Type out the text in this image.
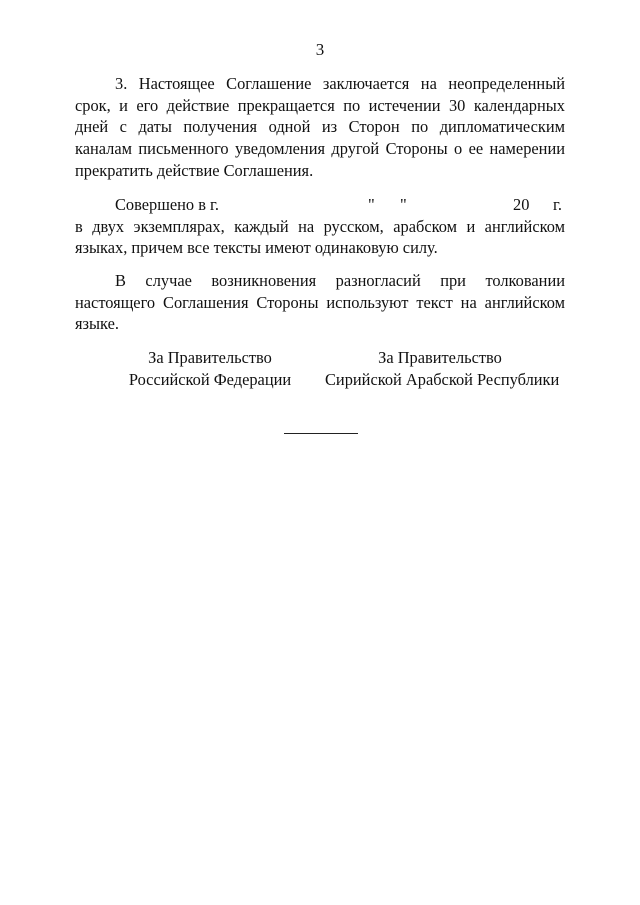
3

3. Настоящее Соглашение заключается на неопределенный срок, и его действие прекращается по истечении 30 календарных дней с даты получения одной из Сторон по дипломатическим каналам письменного уведомления другой Стороны о ее намерении прекратить действие Соглашения.

Совершено в г.	" "	20 г.

в двух экземплярах, каждый на русском, арабском и английском языках, причем все тексты имеют одинаковую силу.

В случае возникновения разногласий при толковании настоящего Соглашения Стороны используют текст на английском языке.

За Правительство
Российской Федерации
За Правительство
Сирийской Арабской Республики
